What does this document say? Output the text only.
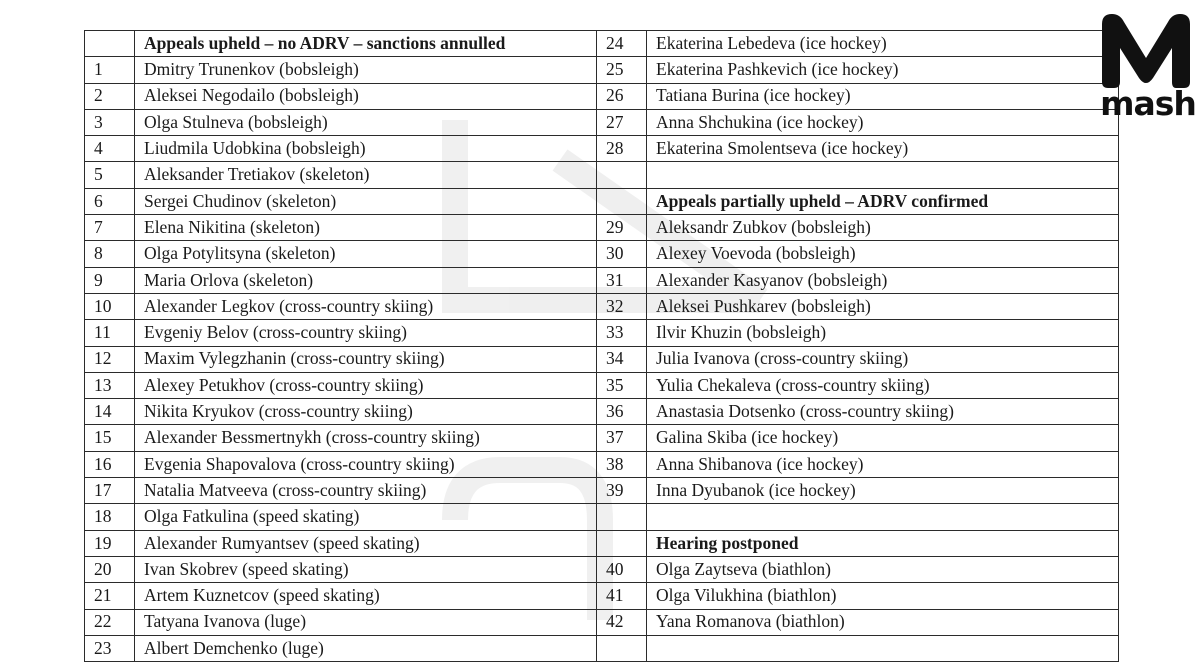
	Appeals upheld – no ADRV – sanctions annulled	24	Ekaterina Lebedeva (ice hockey)
1	Dmitry Trunenkov (bobsleigh)	25	Ekaterina Pashkevich (ice hockey)
2	Aleksei Negodailo (bobsleigh)	26	Tatiana Burina (ice hockey)
3	Olga Stulneva (bobsleigh)	27	Anna Shchukina (ice hockey)
4	Liudmila Udobkina (bobsleigh)	28	Ekaterina Smolentseva (ice hockey)
5	Aleksander Tretiakov (skeleton)		
6	Sergei Chudinov (skeleton)		Appeals partially upheld – ADRV confirmed
7	Elena Nikitina (skeleton)	29	Aleksandr Zubkov (bobsleigh)
8	Olga Potylitsyna (skeleton)	30	Alexey Voevoda (bobsleigh)
9	Maria Orlova (skeleton)	31	Alexander Kasyanov (bobsleigh)
10	Alexander Legkov (cross-country skiing)	32	Aleksei Pushkarev (bobsleigh)
11	Evgeniy Belov (cross-country skiing)	33	Ilvir Khuzin (bobsleigh)
12	Maxim Vylegzhanin (cross-country skiing)	34	Julia Ivanova (cross-country skiing)
13	Alexey Petukhov (cross-country skiing)	35	Yulia Chekaleva (cross-country skiing)
14	Nikita Kryukov (cross-country skiing)	36	Anastasia Dotsenko (cross-country skiing)
15	Alexander Bessmertnykh (cross-country skiing)	37	Galina Skiba (ice hockey)
16	Evgenia Shapovalova (cross-country skiing)	38	Anna Shibanova (ice hockey)
17	Natalia Matveeva (cross-country skiing)	39	Inna Dyubanok (ice hockey)
18	Olga Fatkulina (speed skating)		
19	Alexander Rumyantsev (speed skating)		Hearing postponed
20	Ivan Skobrev (speed skating)	40	Olga Zaytseva (biathlon)
21	Artem Kuznetcov (speed skating)	41	Olga Vilukhina (biathlon)
22	Tatyana Ivanova (luge)	42	Yana Romanova (biathlon)
23	Albert Demchenko (luge)		
mash
